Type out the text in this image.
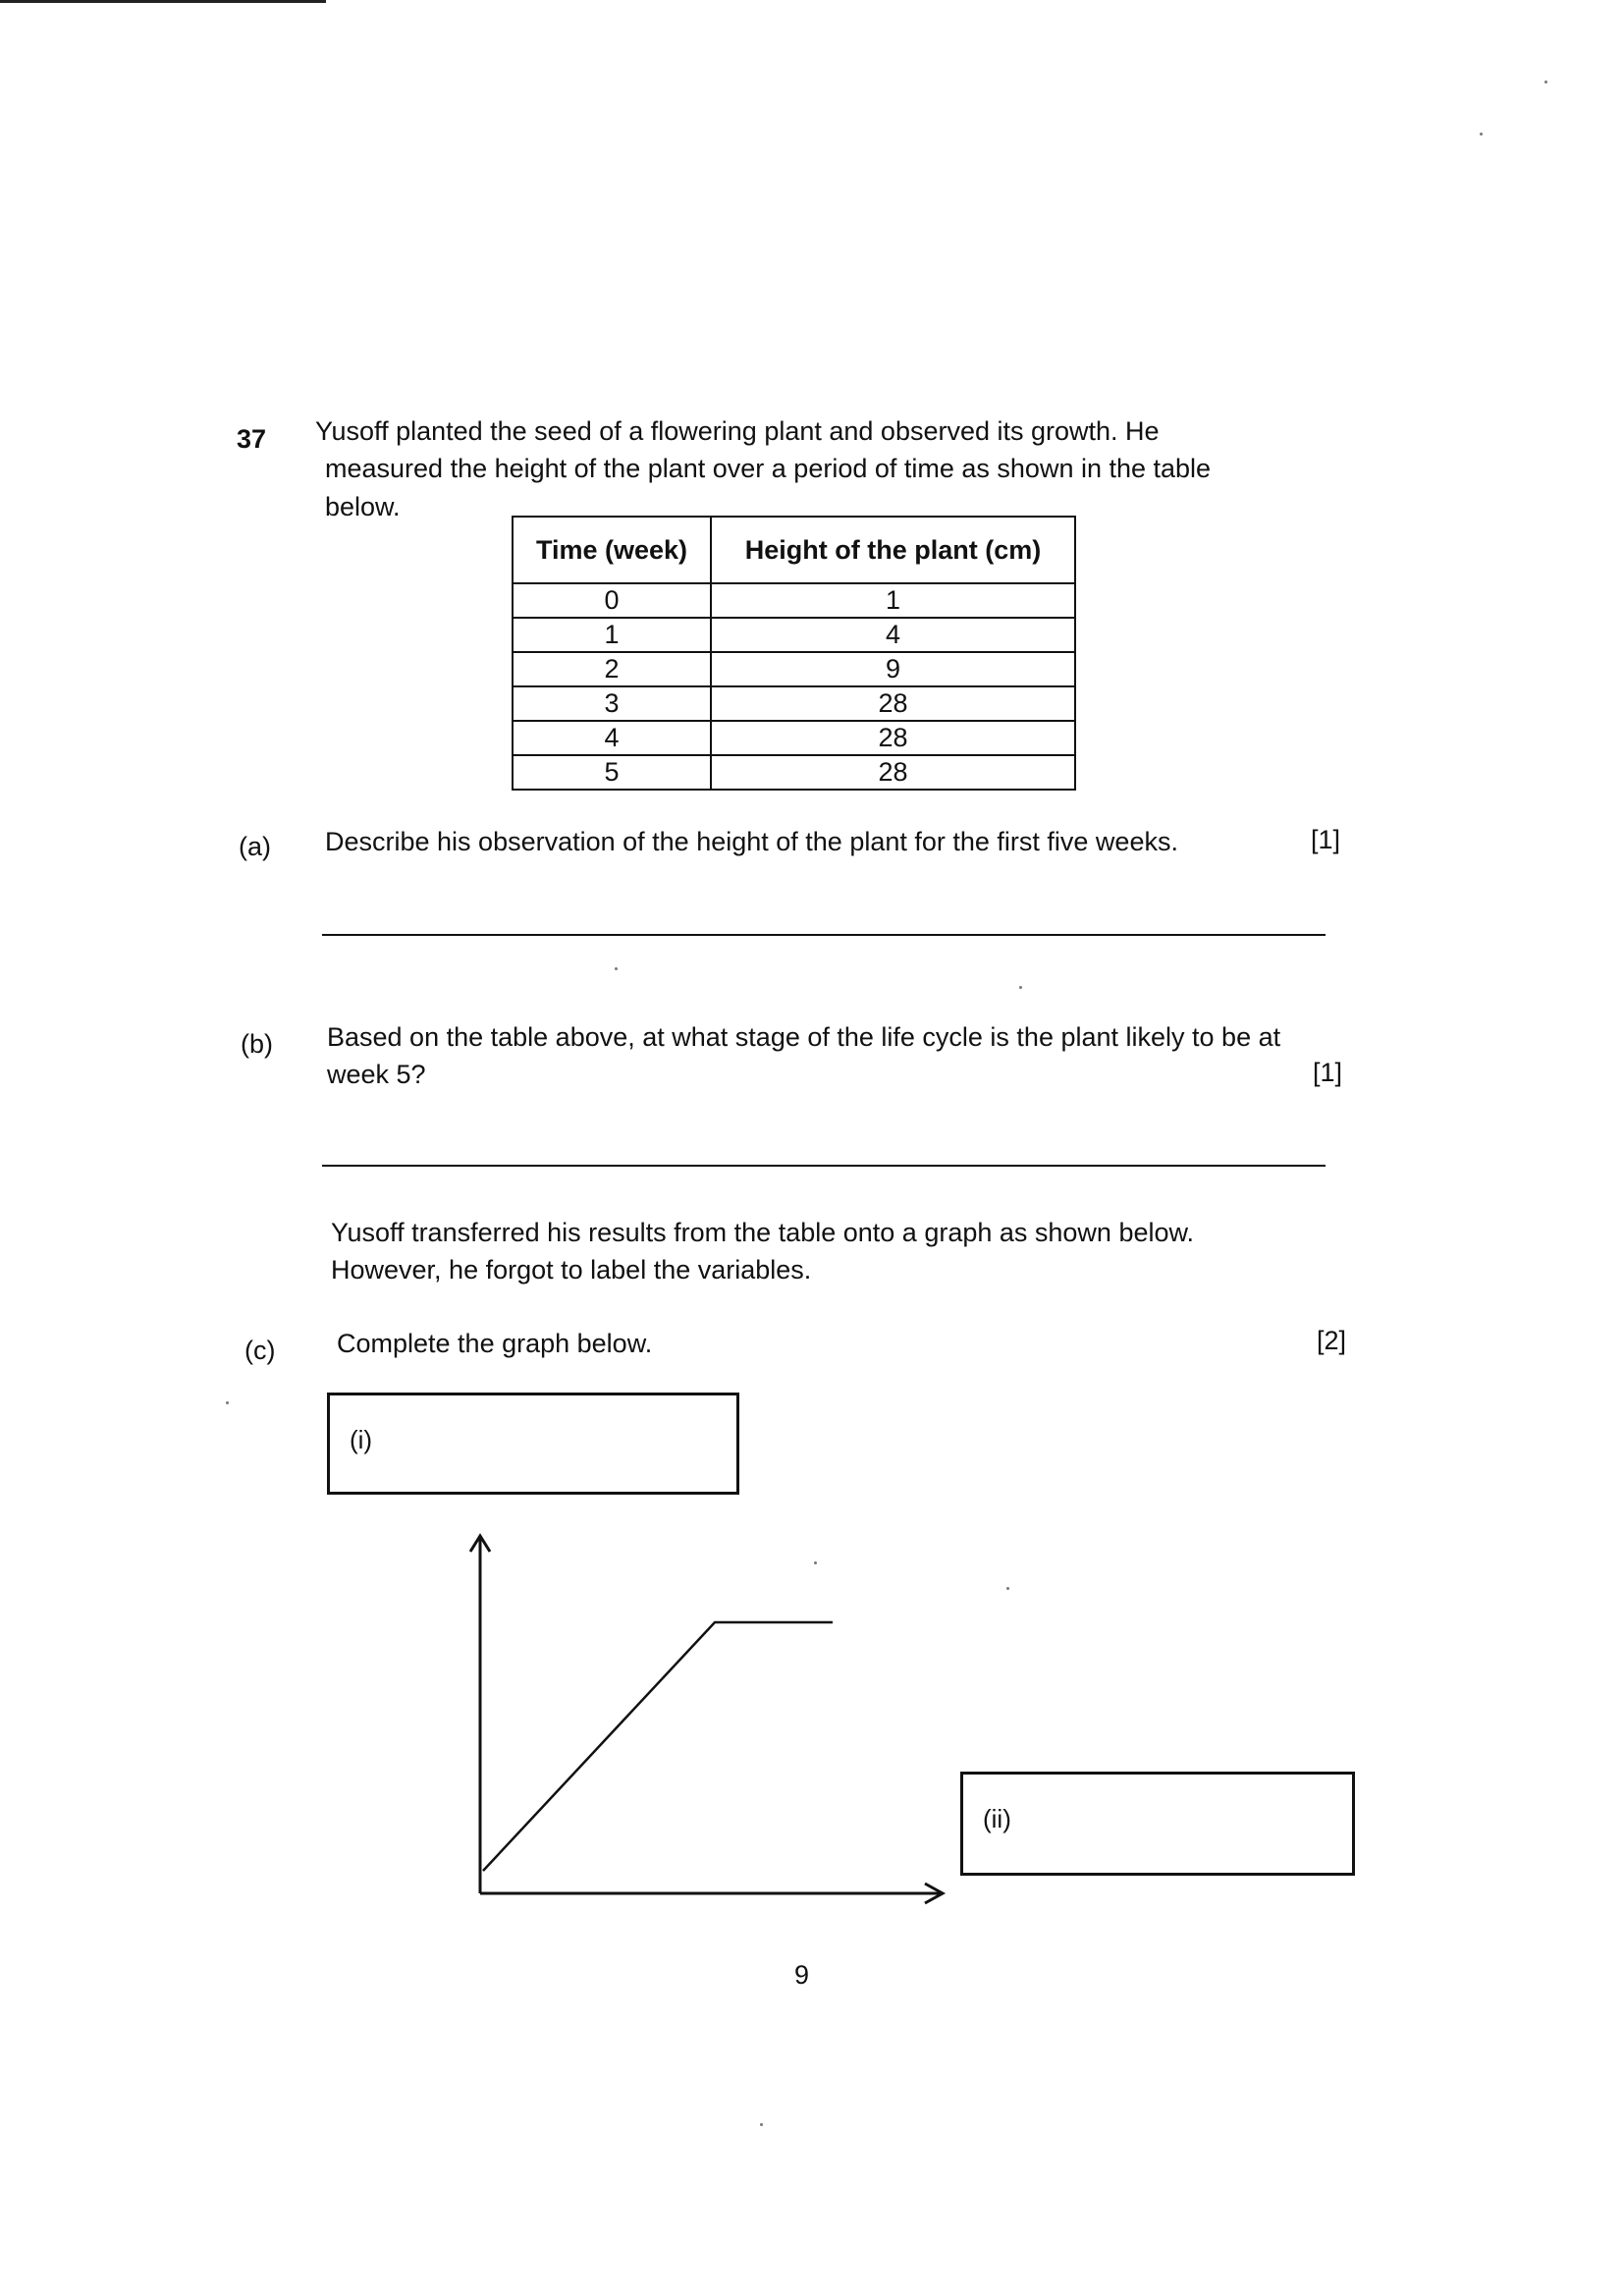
37 Yusoff planted the seed of a flowering plant and observed its growth. He
measured the height of the plant over a period of time as shown in the table
below.
Time (week)	Height of the plant (cm)
0	1
1	4
2	9
3	28
4	28
5	28
(a) Describe his observation of the height of the plant for the first five weeks.	[1]
(b) Based on the table above, at what stage of the life cycle is the plant likely to be at
week 5?	[1]
Yusoff transferred his results from the table onto a graph as shown below.
However, he forgot to label the variables.
(c) Complete the graph below.	[2]
(i)
(ii)
9
